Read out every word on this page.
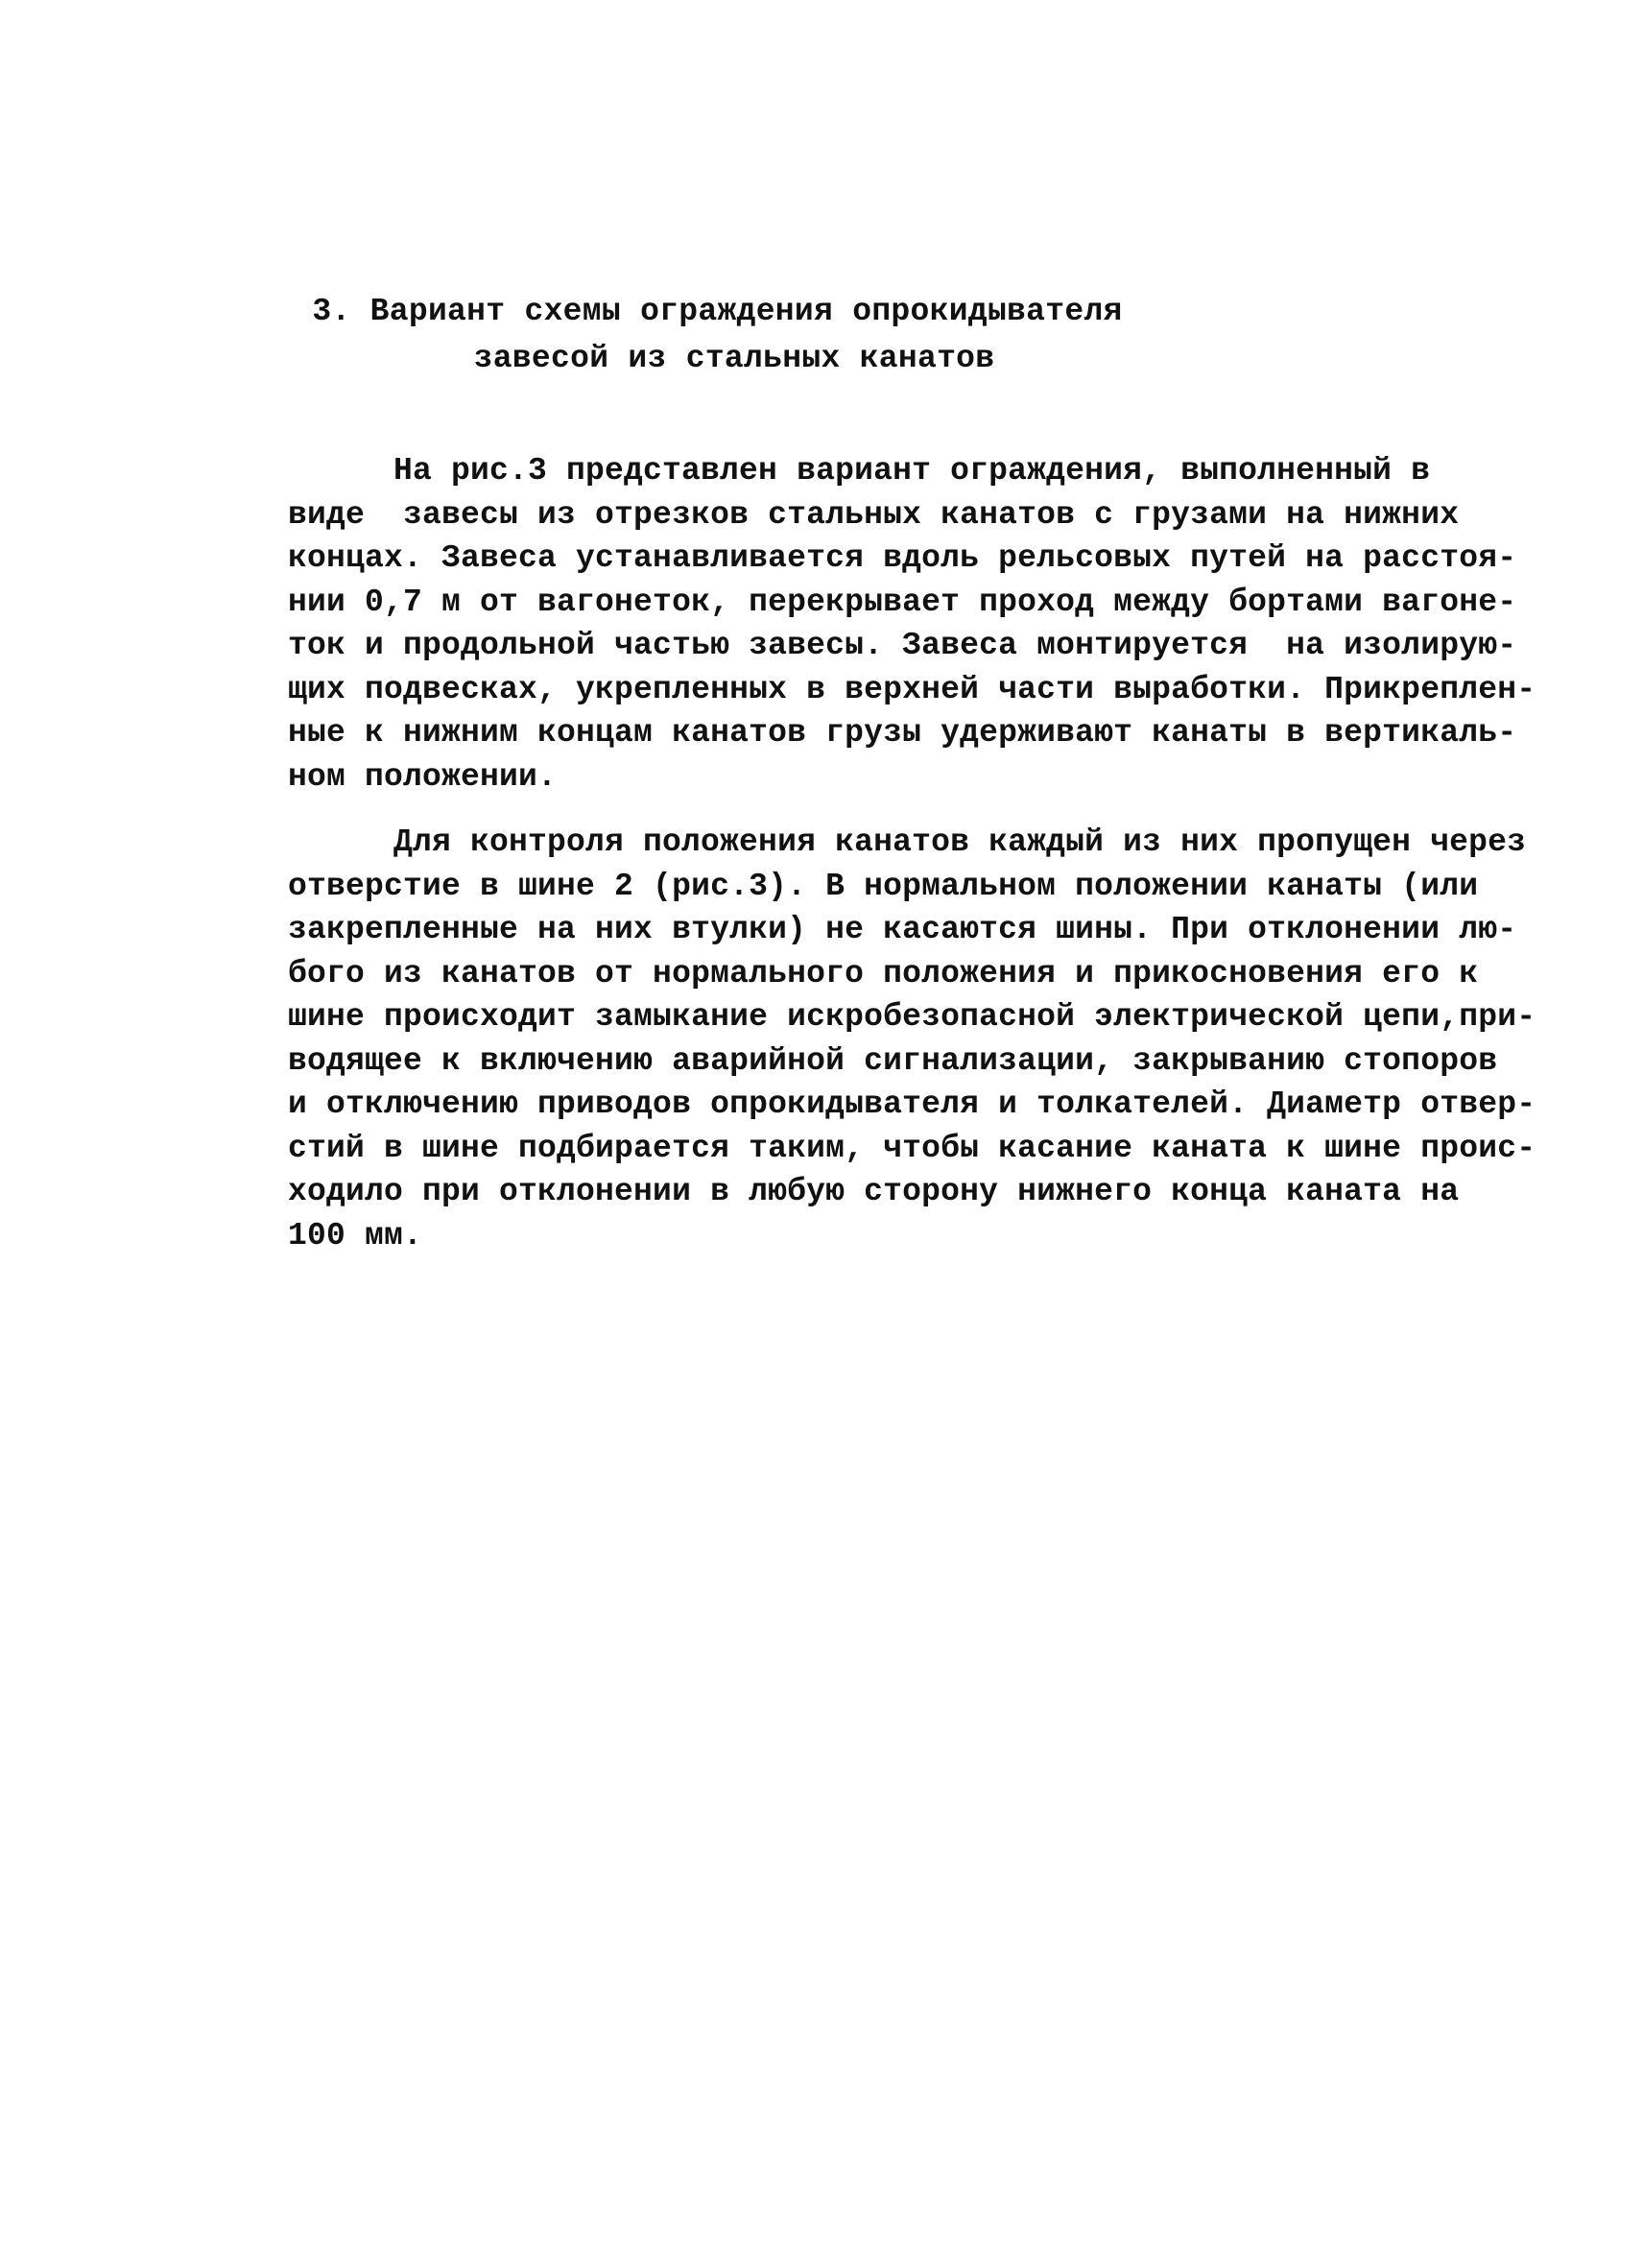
3. Вариант схемы ограждения опрокидывателя
завесой из стальных канатов
На рис.3 представлен вариант ограждения, выполненный в
виде  завесы из отрезков стальных канатов с грузами на нижних
концах. Завеса устанавливается вдоль рельсовых путей на расстоя-
нии 0,7 м от вагонеток, перекрывает проход между бортами вагоне-
ток и продольной частью завесы. Завеса монтируется  на изолирую-
щих подвесках, укрепленных в верхней части выработки. Прикреплен-
ные к нижним концам канатов грузы удерживают канаты в вертикаль-
ном положении.
Для контроля положения канатов каждый из них пропущен через
отверстие в шине 2 (рис.3). В нормальном положении канаты (или
закрепленные на них втулки) не касаются шины. При отклонении лю-
бого из канатов от нормального положения и прикосновения его к
шине происходит замыкание искробезопасной электрической цепи,при-
водящее к включению аварийной сигнализации, закрыванию стопоров
и отключению приводов опрокидывателя и толкателей. Диаметр отвер-
стий в шине подбирается таким, чтобы касание каната к шине проис-
ходило при отклонении в любую сторону нижнего конца каната на
100 мм.
